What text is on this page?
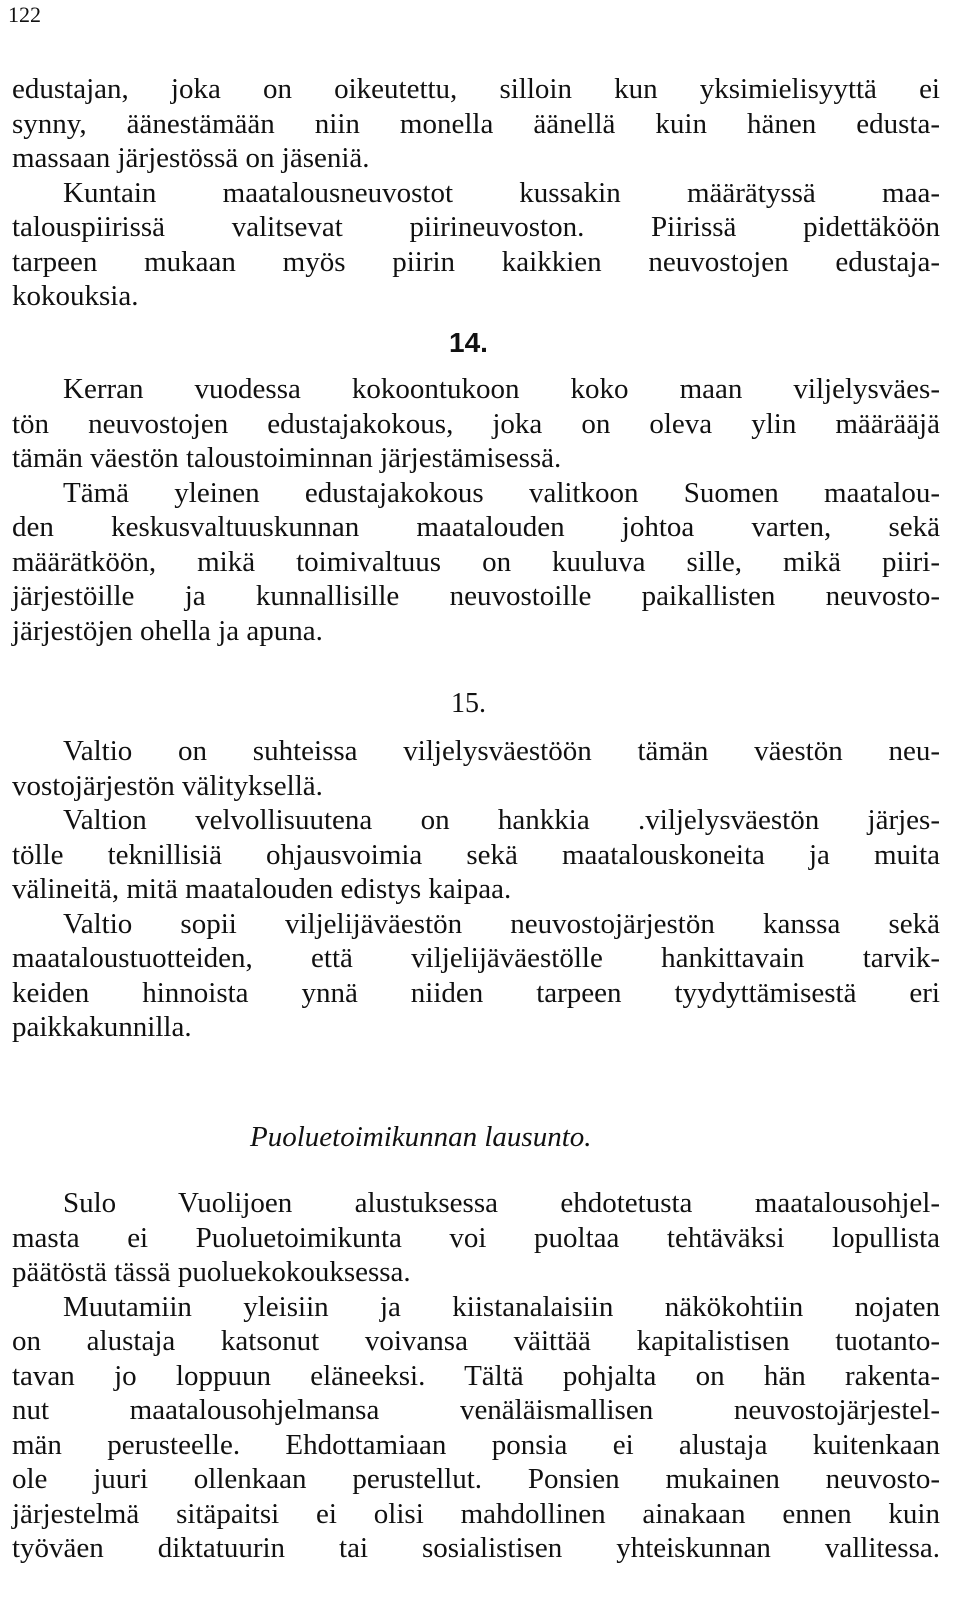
122
edustajan, joka on oikeutettu, silloin kun yksimielisyyttä ei
synny, äänestämään niin monella äänellä kuin hänen edusta-
massaan järjestössä on jäseniä.
Kuntain maatalousneuvostot kussakin määrätyssä maa-
talouspiirissä valitsevat piirineuvoston. Piirissä pidettäköön
tarpeen mukaan myös piirin kaikkien neuvostojen edustaja-
kokouksia.
14.
Kerran vuodessa kokoontukoon koko maan viljelysväes-
tön neuvostojen edustajakokous, joka on oleva ylin määrääjä
tämän väestön taloustoiminnan järjestämisessä.
Tämä yleinen edustajakokous valitkoon Suomen maatalou-
den keskusvaltuuskunnan maatalouden johtoa varten, sekä
määrätköön, mikä toimivaltuus on kuuluva sille, mikä piiri-
järjestöille ja kunnallisille neuvostoille paikallisten neuvosto-
järjestöjen ohella ja apuna.
15.
Valtio on suhteissa viljelysväestöön tämän väestön neu-
vostojärjestön välityksellä.
Valtion velvollisuutena on hankkia .viljelysväestön järjes-
tölle teknillisiä ohjausvoimia sekä maatalouskoneita ja muita
välineitä, mitä maatalouden edistys kaipaa.
Valtio sopii viljelijäväestön neuvostojärjestön kanssa sekä
maataloustuotteiden, että viljelijäväestölle hankittavain tarvik-
keiden hinnoista ynnä niiden tarpeen tyydyttämisestä eri
paikkakunnilla.
Puoluetoimikunnan lausunto.
Sulo Vuolijoen alustuksessa ehdotetusta maatalousohjel-
masta ei Puoluetoimikunta voi puoltaa tehtäväksi lopullista
päätöstä tässä puoluekokouksessa.
Muutamiin yleisiin ja kiistanalaisiin näkökohtiin nojaten
on alustaja katsonut voivansa väittää kapitalistisen tuotanto-
tavan jo loppuun eläneeksi. Tältä pohjalta on hän rakenta-
nut maatalousohjelmansa venäläismallisen neuvostojärjestel-
män perusteelle. Ehdottamiaan ponsia ei alustaja kuitenkaan
ole juuri ollenkaan perustellut. Ponsien mukainen neuvosto-
järjestelmä sitäpaitsi ei olisi mahdollinen ainakaan ennen kuin
työväen diktatuurin tai sosialistisen yhteiskunnan vallitessa.
